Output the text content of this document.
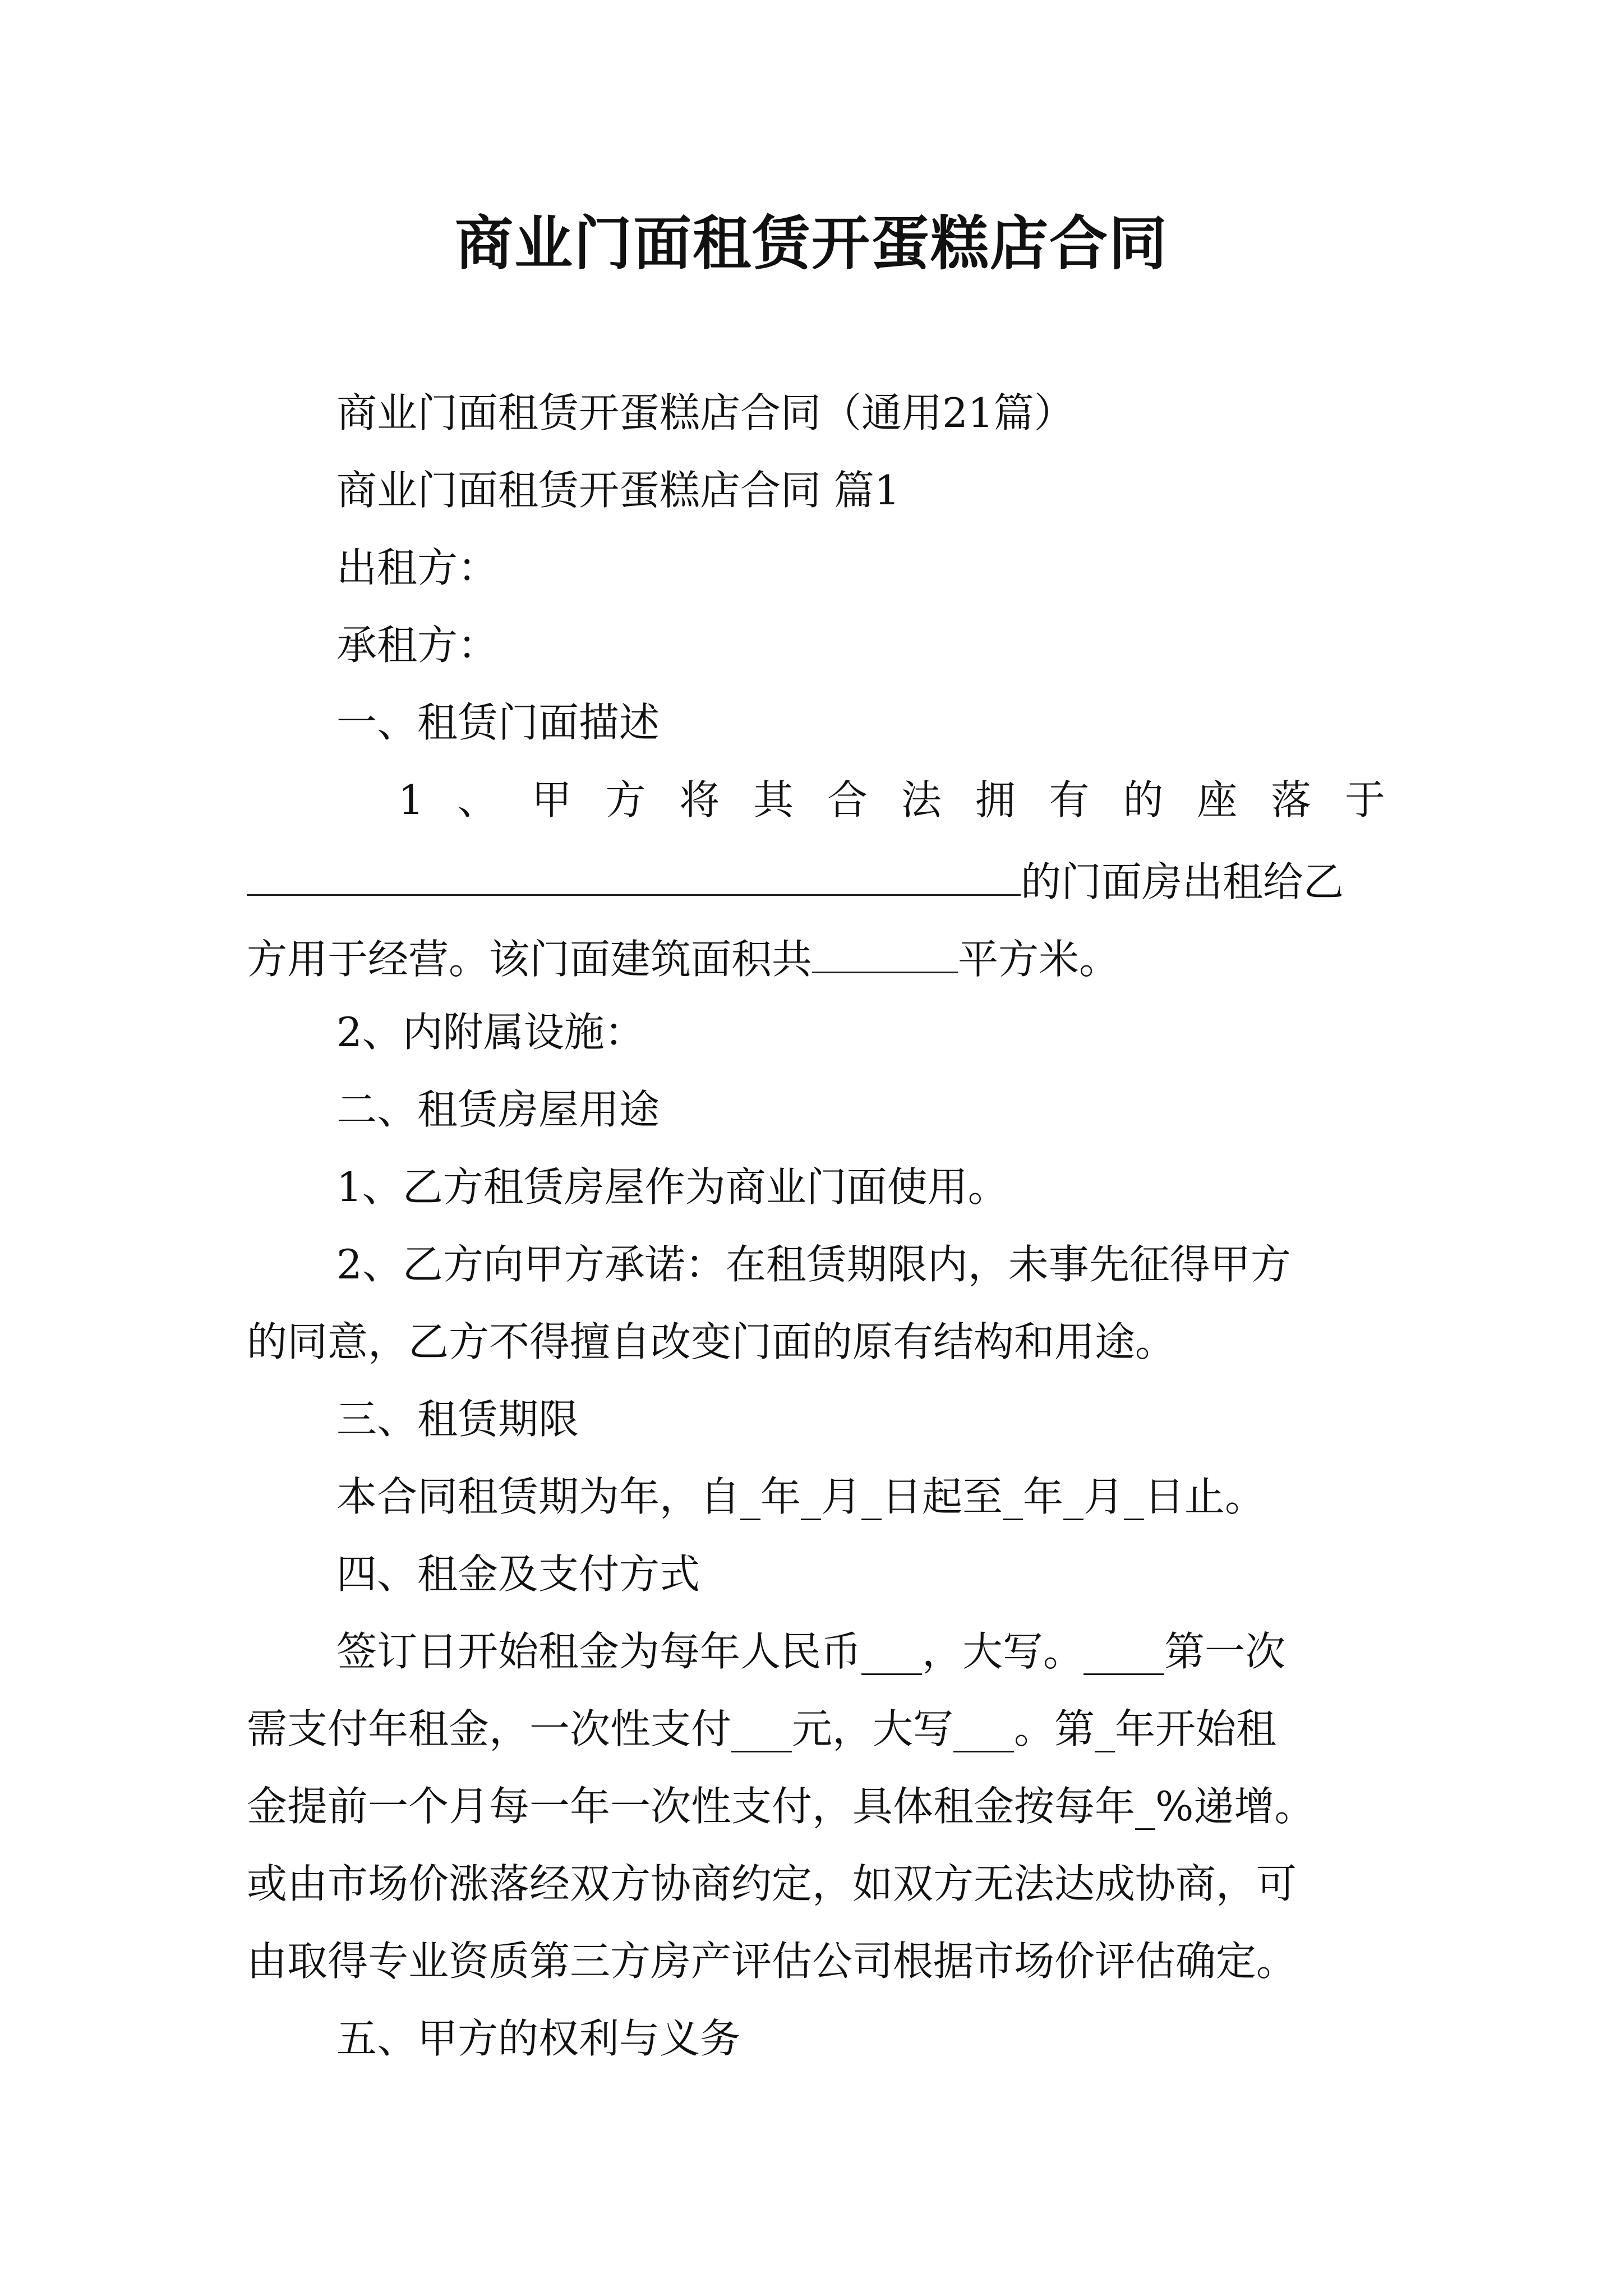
商业门面租赁开蛋糕店合同
商业门面租赁开蛋糕店合同（通用21篇）
商业门面租赁开蛋糕店合同 篇1
出租方：
承租方：
一、租赁门面描述
1 、 甲 方 将 其 合 法 拥 有 的 座 落 于
的门面房出租给乙
方用于经营。该门面建筑面积共	平方米。
2、内附属设施：
二、租赁房屋用途
1、乙方租赁房屋作为商业门面使用。
2、乙方向甲方承诺：在租赁期限内，未事先征得甲方
的同意，乙方不得擅自改变门面的原有结构和用途。
三、租赁期限
本合同租赁期为年，自_年_月_日起至_年_月_日止。
四、租金及支付方式
签订日开始租金为每年人民币___，大写。____第一次
需支付年租金，一次性支付___元，大写___。第_年开始租
金提前一个月每一年一次性支付，具体租金按每年_%递增。
或由市场价涨落经双方协商约定，如双方无法达成协商，可
由取得专业资质第三方房产评估公司根据市场价评估确定。
五、甲方的权利与义务
